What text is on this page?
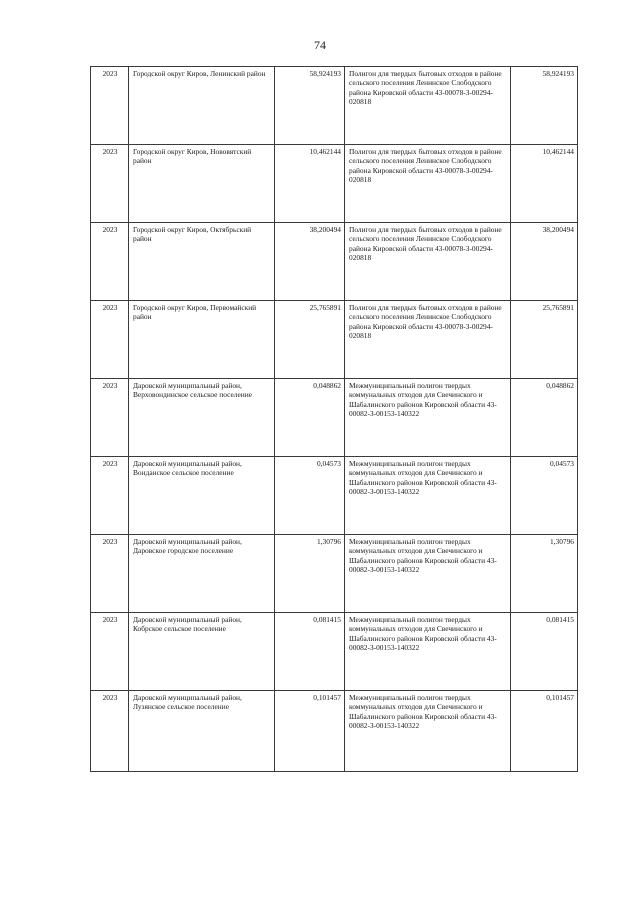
74
2023	Городской округ Киров, Ленинский район	58,924193	Полигон для твердых бытовых отходов в районе сельского поселения Ленинское Слободского района Кировской области 43-00078-З-00294-020818	58,924193
2023	Городской округ Киров, Нововятский район	10,462144	Полигон для твердых бытовых отходов в районе сельского поселения Ленинское Слободского района Кировской области 43-00078-З-00294-020818	10,462144
2023	Городской округ Киров, Октябрьский район	38,200494	Полигон для твердых бытовых отходов в районе сельского поселения Ленинское Слободского района Кировской области 43-00078-З-00294-020818	38,200494
2023	Городской округ Киров, Первомайский район	25,765891	Полигон для твердых бытовых отходов в районе сельского поселения Ленинское Слободского района Кировской области 43-00078-З-00294-020818	25,765891
2023	Даровской муниципальный район, Верховондинское сельское поселение	0,048862	Межмуниципальный полигон твердых коммунальных отходов для Свечинского и Шабалинского районов Кировской области 43-00082-З-00153-140322	0,048862
2023	Даровской муниципальный район, Вонданское сельское поселение	0,04573	Межмуниципальный полигон твердых коммунальных отходов для Свечинского и Шабалинского районов Кировской области 43-00082-З-00153-140322	0,04573
2023	Даровской муниципальный район, Даровское городское поселение	1,30796	Межмуниципальный полигон твердых коммунальных отходов для Свечинского и Шабалинского районов Кировской области 43-00082-З-00153-140322	1,30796
2023	Даровской муниципальный район, Кобрское сельское поселение	0,081415	Межмуниципальный полигон твердых коммунальных отходов для Свечинского и Шабалинского районов Кировской области 43-00082-З-00153-140322	0,081415
2023	Даровской муниципальный район, Лузянское сельское поселение	0,101457	Межмуниципальный полигон твердых коммунальных отходов для Свечинского и Шабалинского районов Кировской области 43-00082-З-00153-140322	0,101457
